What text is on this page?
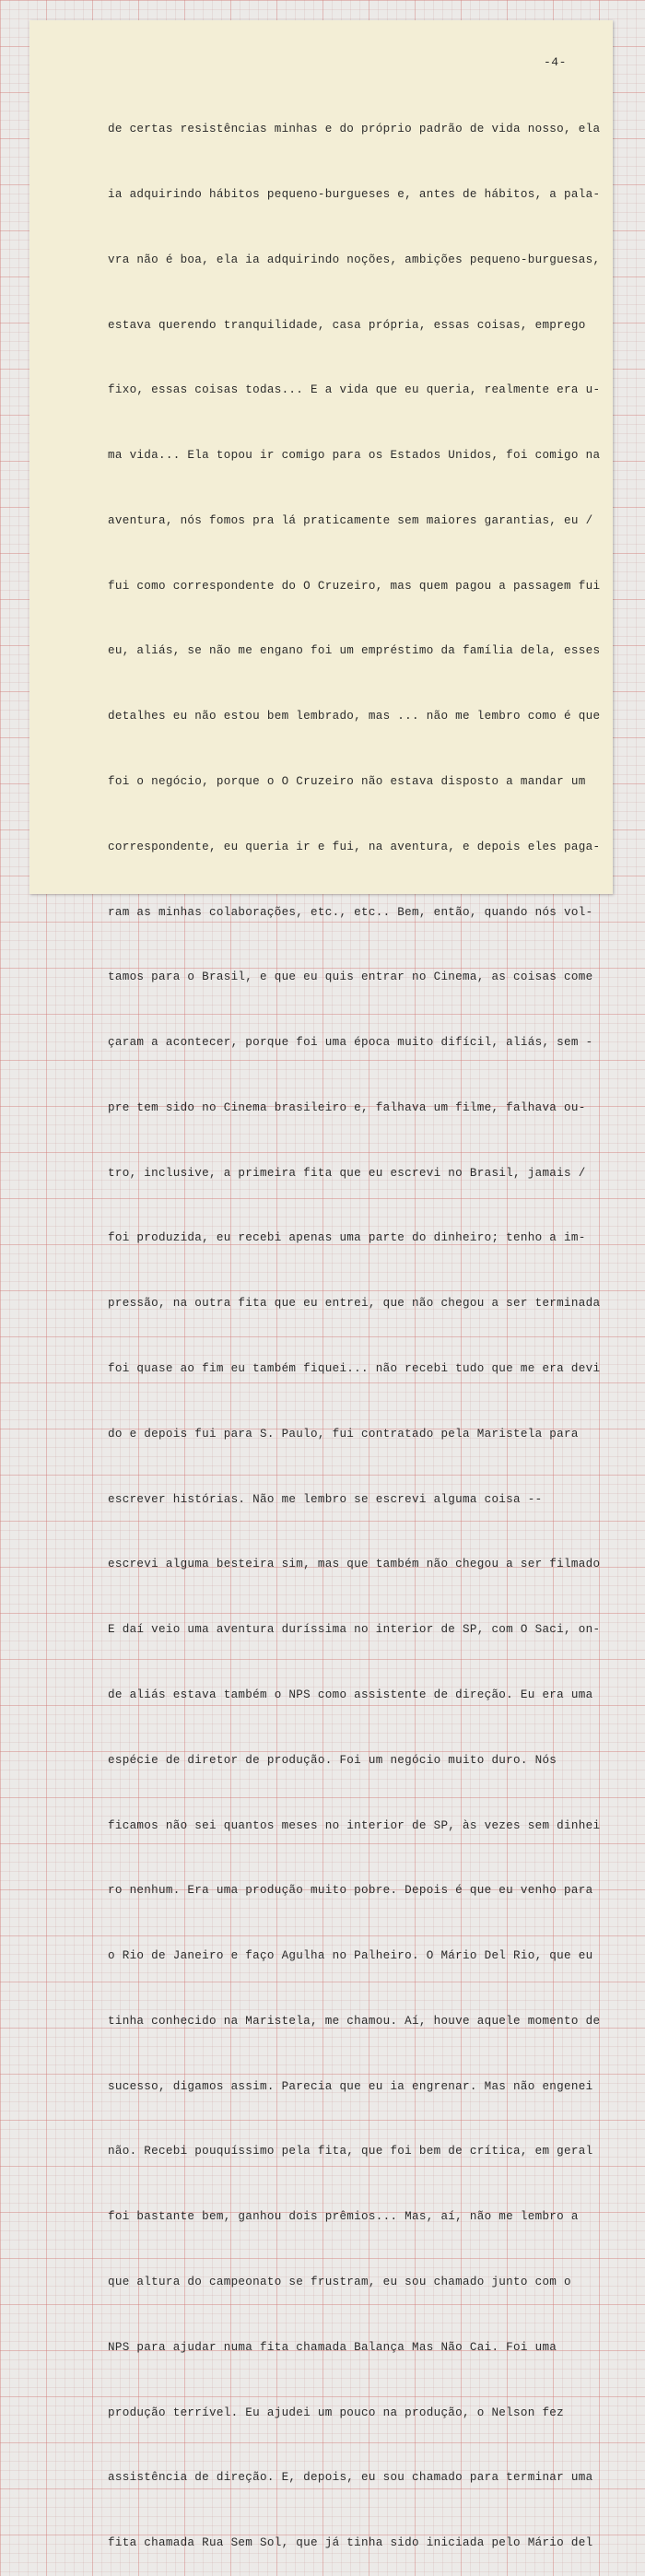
-4-

de certas resistências minhas e do próprio padrão de vida nosso, ela

ia adquirindo hábitos pequeno-burgueses e, antes de hábitos, a pala-

vra não é boa, ela ia adquirindo noções, ambições pequeno-burguesas,

estava querendo tranquilidade, casa própria, essas coisas, emprego

fixo, essas coisas todas... E a vida que eu queria, realmente era u-

ma vida... Ela topou ir comigo para os Estados Unidos, foi comigo na

aventura, nós fomos pra lá praticamente sem maiores garantias, eu /

fui como correspondente do O Cruzeiro, mas quem pagou a passagem fui

eu, aliás, se não me engano foi um empréstimo da família dela, esses

detalhes eu não estou bem lembrado, mas ... não me lembro como é que

foi o negócio, porque o O Cruzeiro não estava disposto a mandar um

correspondente, eu queria ir e fui, na aventura, e depois eles paga-

ram as minhas colaborações, etc., etc.. Bem, então, quando nós vol-

tamos para o Brasil, e que eu quis entrar no Cinema, as coisas come

çaram a acontecer, porque foi uma época muito difícil, aliás, sem -

pre tem sido no Cinema brasileiro e, falhava um filme, falhava ou-

tro, inclusive, a primeira fita que eu escrevi no Brasil, jamais /

foi produzida, eu recebi apenas uma parte do dinheiro; tenho a im-

pressão, na outra fita que eu entrei, que não chegou a ser terminada

foi quase ao fim eu também fiquei... não recebi tudo que me era devi

do e depois fui para S. Paulo, fui contratado pela Maristela para

escrever histórias. Não me lembro se escrevi alguma coisa --

escrevi alguma besteira sim, mas que também não chegou a ser filmado

E daí veio uma aventura duríssima no interior de SP, com O Saci, on-

de aliás estava também o NPS como assistente de direção. Eu era uma

espécie de diretor de produção. Foi um negócio muito duro. Nós

ficamos não sei quantos meses no interior de SP, às vezes sem dinhei

ro nenhum. Era uma produção muito pobre. Depois é que eu venho para

o Rio de Janeiro e faço Agulha no Palheiro. O Mário Del Rio, que eu

tinha conhecido na Maristela, me chamou. Aí, houve aquele momento de

sucesso, digamos assim. Parecia que eu ia engrenar. Mas não engenei

não. Recebi pouquíssimo pela fita, que foi bem de crítica, em geral

foi bastante bem, ganhou dois prêmios... Mas, aí, não me lembro a

que altura do campeonato se frustram, eu sou chamado junto com o

NPS para ajudar numa fita chamada Balança Mas Não Cai. Foi uma

produção terrível. Eu ajudei um pouco na produção, o Nelson fez

assistência de direção. E, depois, eu sou chamado para terminar uma

fita chamada Rua Sem Sol, que já tinha sido iniciada pelo Mário del
